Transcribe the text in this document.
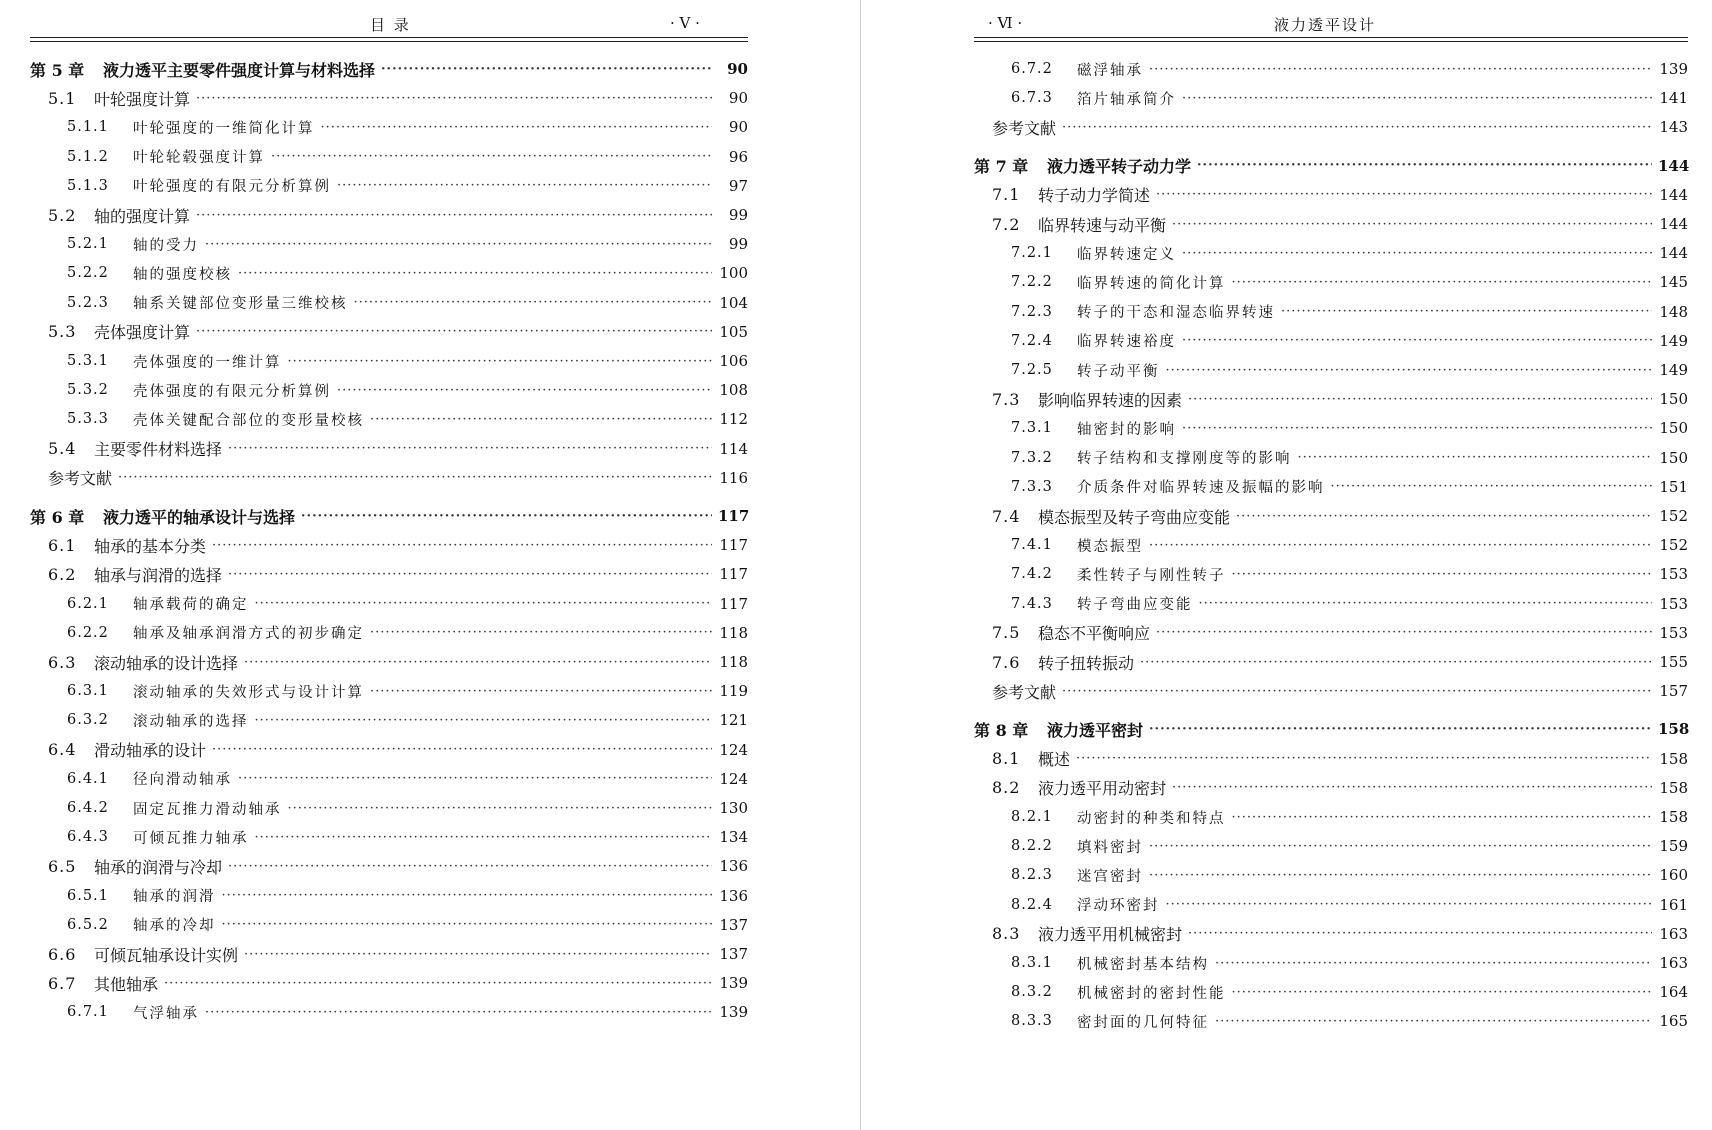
目 录	· V ·
第 5 章	液力透平主要零件强度计算与材料选择 ·····	90
5.1	叶轮强度计算 ·····	90
5.1.1	叶轮强度的一维简化计算 ·····	90
5.1.2	叶轮轮毂强度计算 ·····	96
5.1.3	叶轮强度的有限元分析算例 ·····	97
5.2	轴的强度计算 ·····	99
5.2.1	轴的受力 ·····	99
5.2.2	轴的强度校核 ·····	100
5.2.3	轴系关键部位变形量三维校核 ·····	104
5.3	壳体强度计算 ·····	105
5.3.1	壳体强度的一维计算 ·····	106
5.3.2	壳体强度的有限元分析算例 ·····	108
5.3.3	壳体关键配合部位的变形量校核 ·····	112
5.4	主要零件材料选择 ·····	114
参考文献 ·····	116
第 6 章	液力透平的轴承设计与选择 ·····	117
6.1	轴承的基本分类 ·····	117
6.2	轴承与润滑的选择 ·····	117
6.2.1	轴承载荷的确定 ·····	117
6.2.2	轴承及轴承润滑方式的初步确定 ·····	118
6.3	滚动轴承的设计选择 ·····	118
6.3.1	滚动轴承的失效形式与设计计算 ·····	119
6.3.2	滚动轴承的选择 ·····	121
6.4	滑动轴承的设计 ·····	124
6.4.1	径向滑动轴承 ·····	124
6.4.2	固定瓦推力滑动轴承 ·····	130
6.4.3	可倾瓦推力轴承 ·····	134
6.5	轴承的润滑与冷却 ·····	136
6.5.1	轴承的润滑 ·····	136
6.5.2	轴承的冷却 ·····	137
6.6	可倾瓦轴承设计实例 ·····	137
6.7	其他轴承 ·····	139
6.7.1	气浮轴承 ·····	139
· Ⅵ ·	液力透平设计
6.7.2	磁浮轴承 ·····	139
6.7.3	箔片轴承简介 ·····	141
参考文献 ·····	143
第 7 章	液力透平转子动力学 ·····	144
7.1	转子动力学简述 ·····	144
7.2	临界转速与动平衡 ·····	144
7.2.1	临界转速定义 ·····	144
7.2.2	临界转速的简化计算 ·····	145
7.2.3	转子的干态和湿态临界转速 ·····	148
7.2.4	临界转速裕度 ·····	149
7.2.5	转子动平衡 ·····	149
7.3	影响临界转速的因素 ·····	150
7.3.1	轴密封的影响 ·····	150
7.3.2	转子结构和支撑刚度等的影响 ·····	150
7.3.3	介质条件对临界转速及振幅的影响 ·····	151
7.4	模态振型及转子弯曲应变能 ·····	152
7.4.1	模态振型 ·····	152
7.4.2	柔性转子与刚性转子 ·····	153
7.4.3	转子弯曲应变能 ·····	153
7.5	稳态不平衡响应 ·····	153
7.6	转子扭转振动 ·····	155
参考文献 ·····	157
第 8 章	液力透平密封 ·····	158
8.1	概述 ·····	158
8.2	液力透平用动密封 ·····	158
8.2.1	动密封的种类和特点 ·····	158
8.2.2	填料密封 ·····	159
8.2.3	迷宫密封 ·····	160
8.2.4	浮动环密封 ·····	161
8.3	液力透平用机械密封 ·····	163
8.3.1	机械密封基本结构 ·····	163
8.3.2	机械密封的密封性能 ·····	164
8.3.3	密封面的几何特征 ·····	165
